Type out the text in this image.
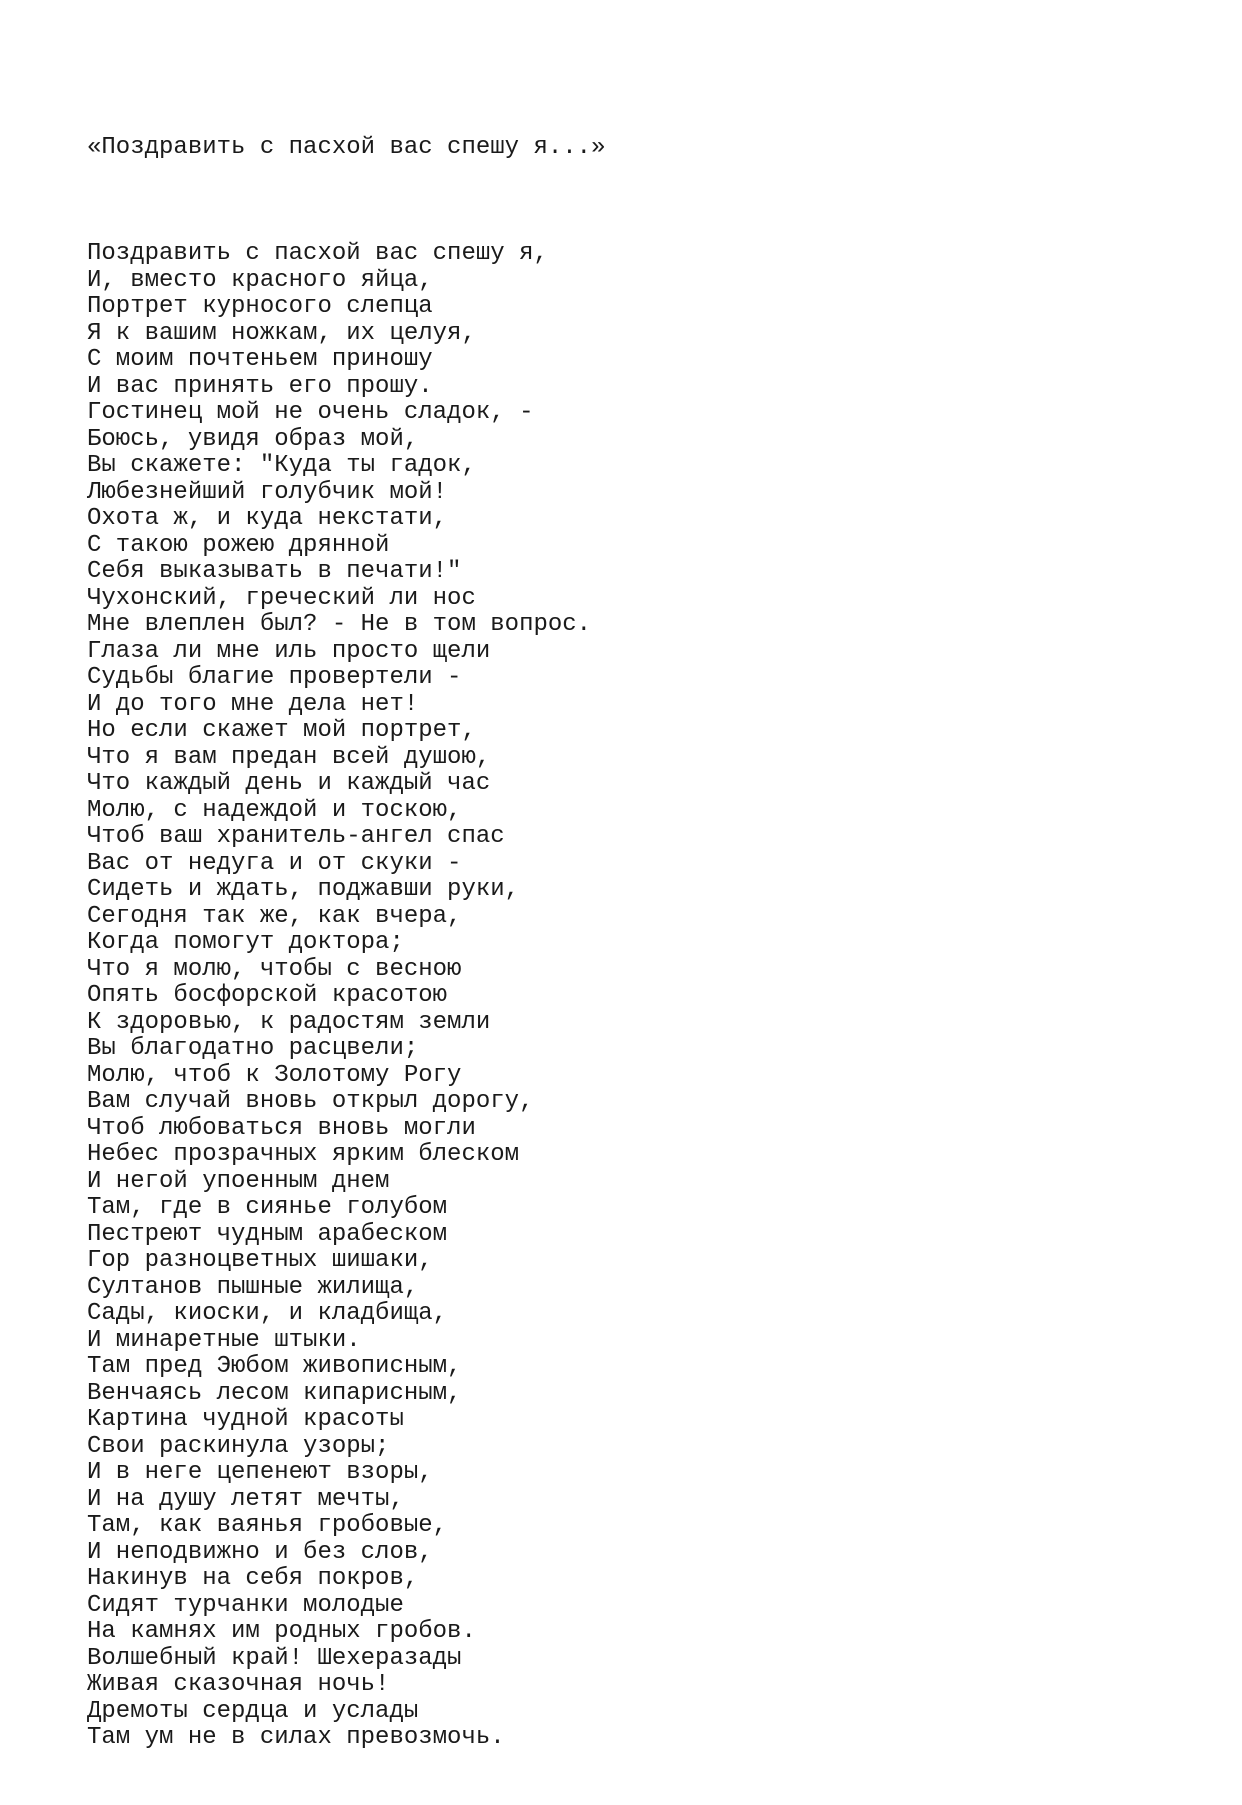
«Поздравить с пасхой вас спешу я...»

Поздравить с пасхой вас спешу я,
И, вместо красного яйца,
Портрет курносого слепца
Я к вашим ножкам, их целуя,
С моим почтеньем приношу
И вас принять его прошу.
Гостинец мой не очень сладок, -
Боюсь, увидя образ мой,
Вы скажете: "Куда ты гадок,
Любезнейший голубчик мой!
Охота ж, и куда некстати,
С такою рожею дрянной
Себя выказывать в печати!"
Чухонский, греческий ли нос
Мне влеплен был? - Не в том вопрос.
Глаза ли мне иль просто щели
Судьбы благие провертели -
И до того мне дела нет!
Но если скажет мой портрет,
Что я вам предан всей душою,
Что каждый день и каждый час
Молю, с надеждой и тоскою,
Чтоб ваш хранитель-ангел спас
Вас от недуга и от скуки -
Сидеть и ждать, поджавши руки,
Сегодня так же, как вчера,
Когда помогут доктора;
Что я молю, чтобы с весною
Опять босфорской красотою
К здоровью, к радостям земли
Вы благодатно расцвели;
Молю, чтоб к Золотому Рогу
Вам случай вновь открыл дорогу,
Чтоб любоваться вновь могли
Небес прозрачных ярким блеском
И негой упоенным днем
Там, где в сиянье голубом
Пестреют чудным арабеском
Гор разноцветных шишаки,
Султанов пышные жилища,
Сады, киоски, и кладбища,
И минаретные штыки.
Там пред Эюбом живописным,
Венчаясь лесом кипарисным,
Картина чудной красоты
Свои раскинула узоры;
И в неге цепенеют взоры,
И на душу летят мечты,
Там, как ваянья гробовые,
И неподвижно и без слов,
Накинув на себя покров,
Сидят турчанки молодые
На камнях им родных гробов.
Волшебный край! Шехеразады
Живая сказочная ночь!
Дремоты сердца и услады
Там ум не в силах превозмочь.
